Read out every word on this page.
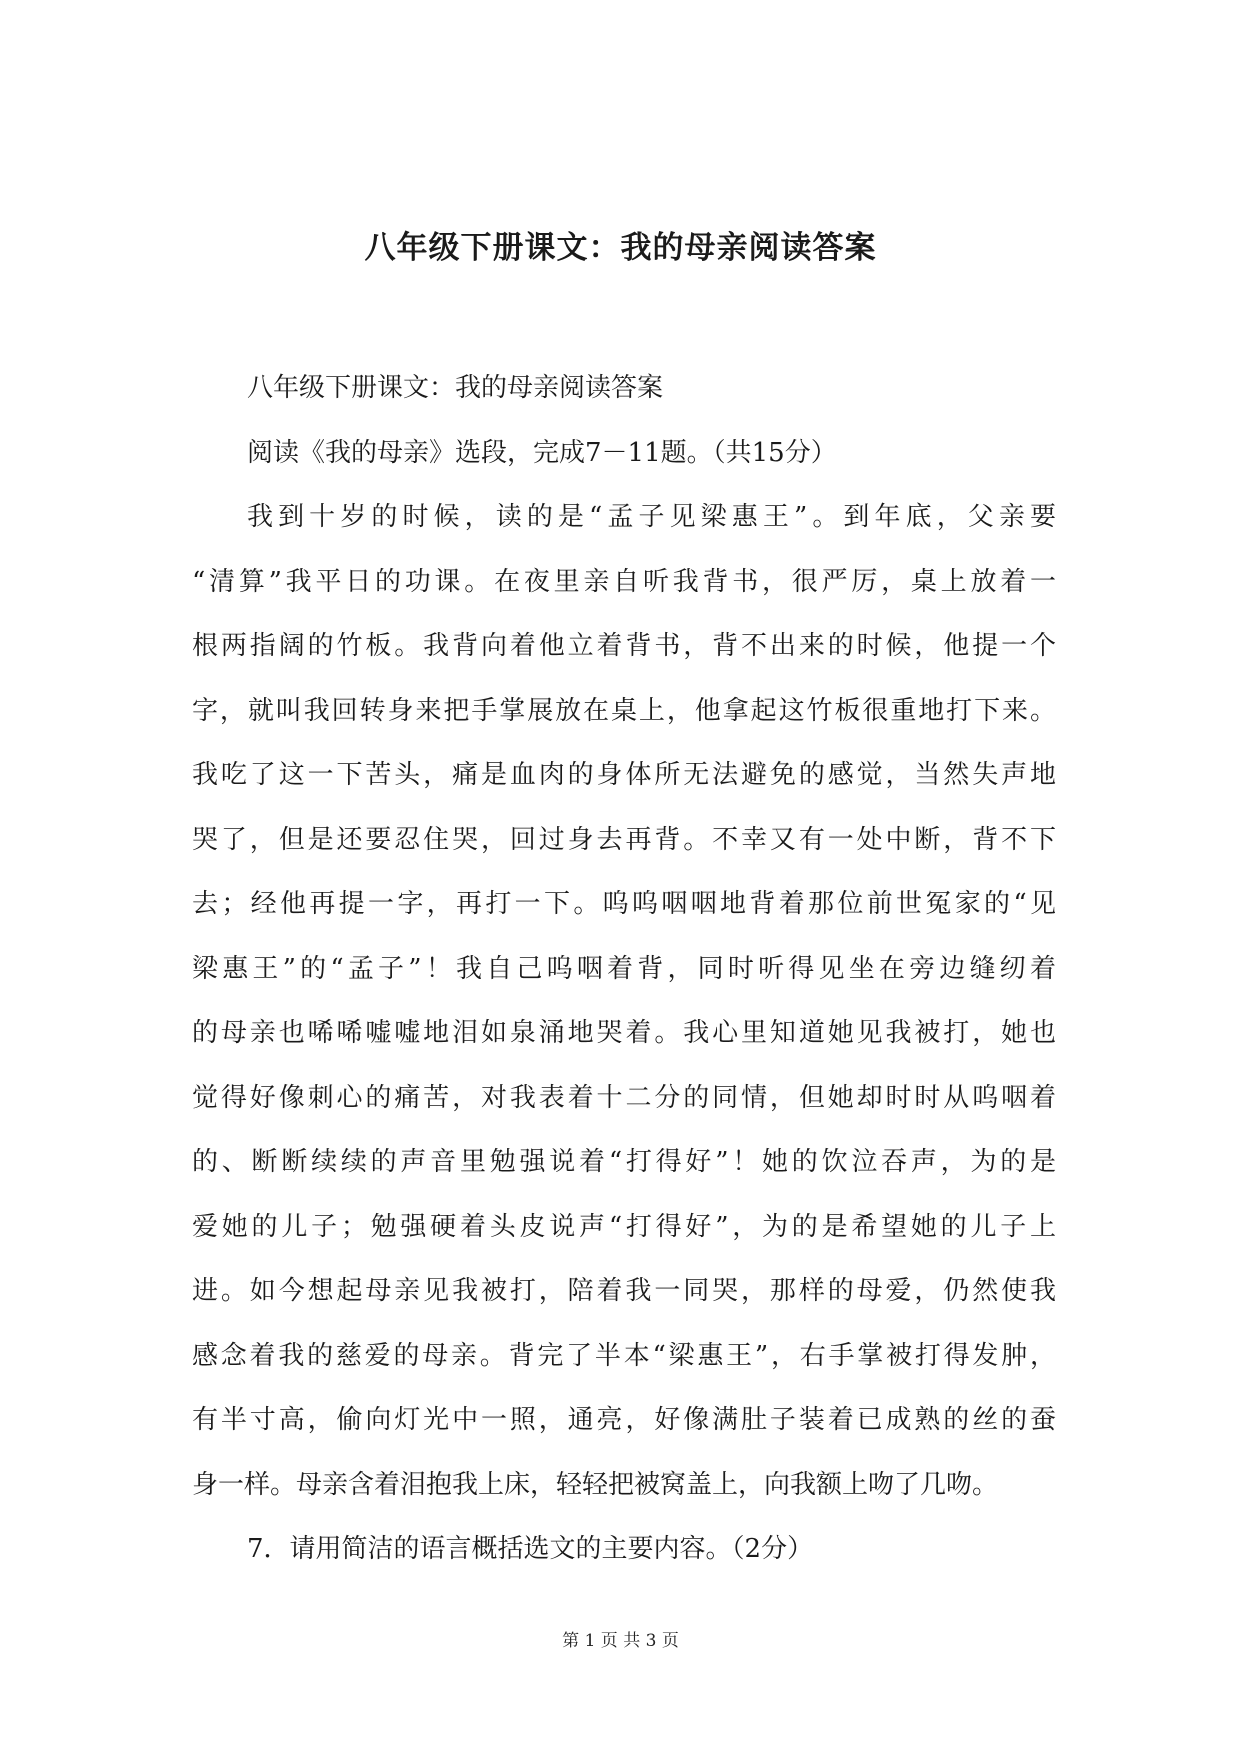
八年级下册课文：我的母亲阅读答案
八年级下册课文：我的母亲阅读答案
阅读《我的母亲》选段，完成7－11题。（共15分）
我到十岁的时候，读的是“孟子见梁惠王”。到年底，父亲要
“清算”我平日的功课。在夜里亲自听我背书，很严厉，桌上放着一
根两指阔的竹板。我背向着他立着背书，背不出来的时候，他提一个
字，就叫我回转身来把手掌展放在桌上，他拿起这竹板很重地打下来。
我吃了这一下苦头，痛是血肉的身体所无法避免的感觉，当然失声地
哭了，但是还要忍住哭，回过身去再背。不幸又有一处中断，背不下
去；经他再提一字，再打一下。呜呜咽咽地背着那位前世冤家的“见
梁惠王”的“孟子”！我自己呜咽着背，同时听得见坐在旁边缝纫着
的母亲也唏唏嘘嘘地泪如泉涌地哭着。我心里知道她见我被打，她也
觉得好像刺心的痛苦，对我表着十二分的同情，但她却时时从呜咽着
的、断断续续的声音里勉强说着“打得好”！她的饮泣吞声，为的是
爱她的儿子；勉强硬着头皮说声“打得好”，为的是希望她的儿子上
进。如今想起母亲见我被打，陪着我一同哭，那样的母爱，仍然使我
感念着我的慈爱的母亲。背完了半本“梁惠王”，右手掌被打得发肿，
有半寸高，偷向灯光中一照，通亮，好像满肚子装着已成熟的丝的蚕
身一样。母亲含着泪抱我上床，轻轻把被窝盖上，向我额上吻了几吻。
7．请用简洁的语言概括选文的主要内容。（2分）
第 1 页 共 3 页
